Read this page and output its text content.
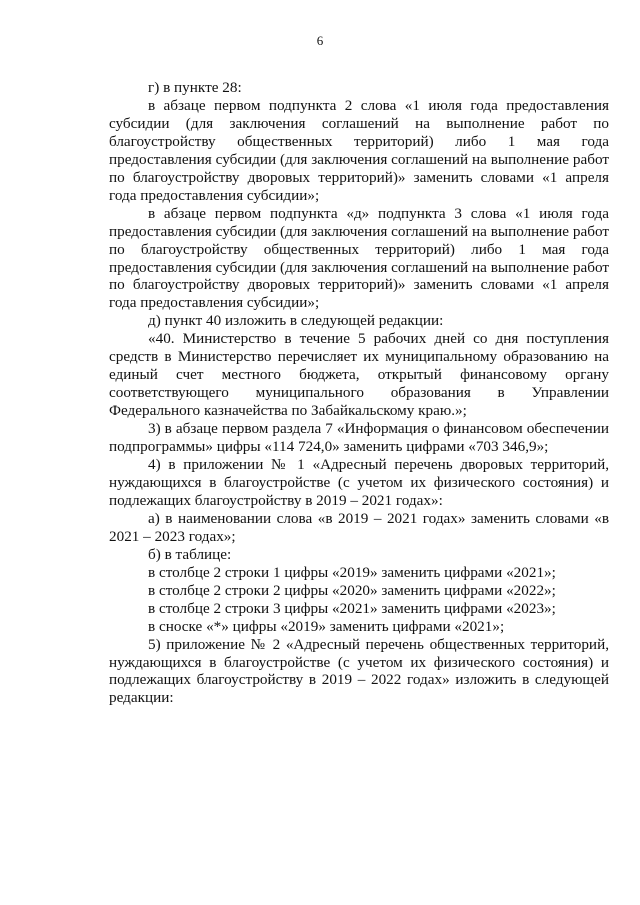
6

г) в пункте 28:

в абзаце первом подпункта 2 слова «1 июля года предоставления субсидии (для заключения соглашений на выполнение работ по благоустройству общественных территорий) либо 1 мая года предоставления субсидии (для заключения соглашений на выполнение работ по благоустройству дворовых территорий)» заменить словами «1 апреля года предоставления субсидии»;

в абзаце первом подпункта «д» подпункта 3 слова «1 июля года предоставления субсидии (для заключения соглашений на выполнение работ по благоустройству общественных территорий) либо 1 мая года предоставления субсидии (для заключения соглашений на выполнение работ по благоустройству дворовых территорий)» заменить словами «1 апреля года предоставления субсидии»;

д) пункт 40 изложить в следующей редакции:

«40. Министерство в течение 5 рабочих дней со дня поступления средств в Министерство перечисляет их муниципальному образованию на единый счет местного бюджета, открытый финансовому органу соответствующего муниципального образования в Управлении Федерального казначейства по Забайкальскому краю.»;

3) в абзаце первом раздела 7 «Информация о финансовом обеспечении подпрограммы» цифры «114 724,0» заменить цифрами «703 346,9»;

4) в приложении № 1 «Адресный перечень дворовых территорий, нуждающихся в благоустройстве (с учетом их физического состояния) и подлежащих благоустройству в 2019 – 2021 годах»:

а) в наименовании слова «в 2019 – 2021 годах» заменить словами «в 2021 – 2023 годах»;

б) в таблице:

в столбце 2 строки 1 цифры «2019» заменить цифрами «2021»;

в столбце 2 строки 2 цифры «2020» заменить цифрами «2022»;

в столбце 2 строки 3 цифры «2021» заменить цифрами «2023»;

в сноске «*» цифры «2019» заменить цифрами «2021»;

5) приложение № 2 «Адресный перечень общественных территорий, нуждающихся в благоустройстве (с учетом их физического состояния) и подлежащих благоустройству в 2019 – 2022 годах» изложить в следующей редакции:
